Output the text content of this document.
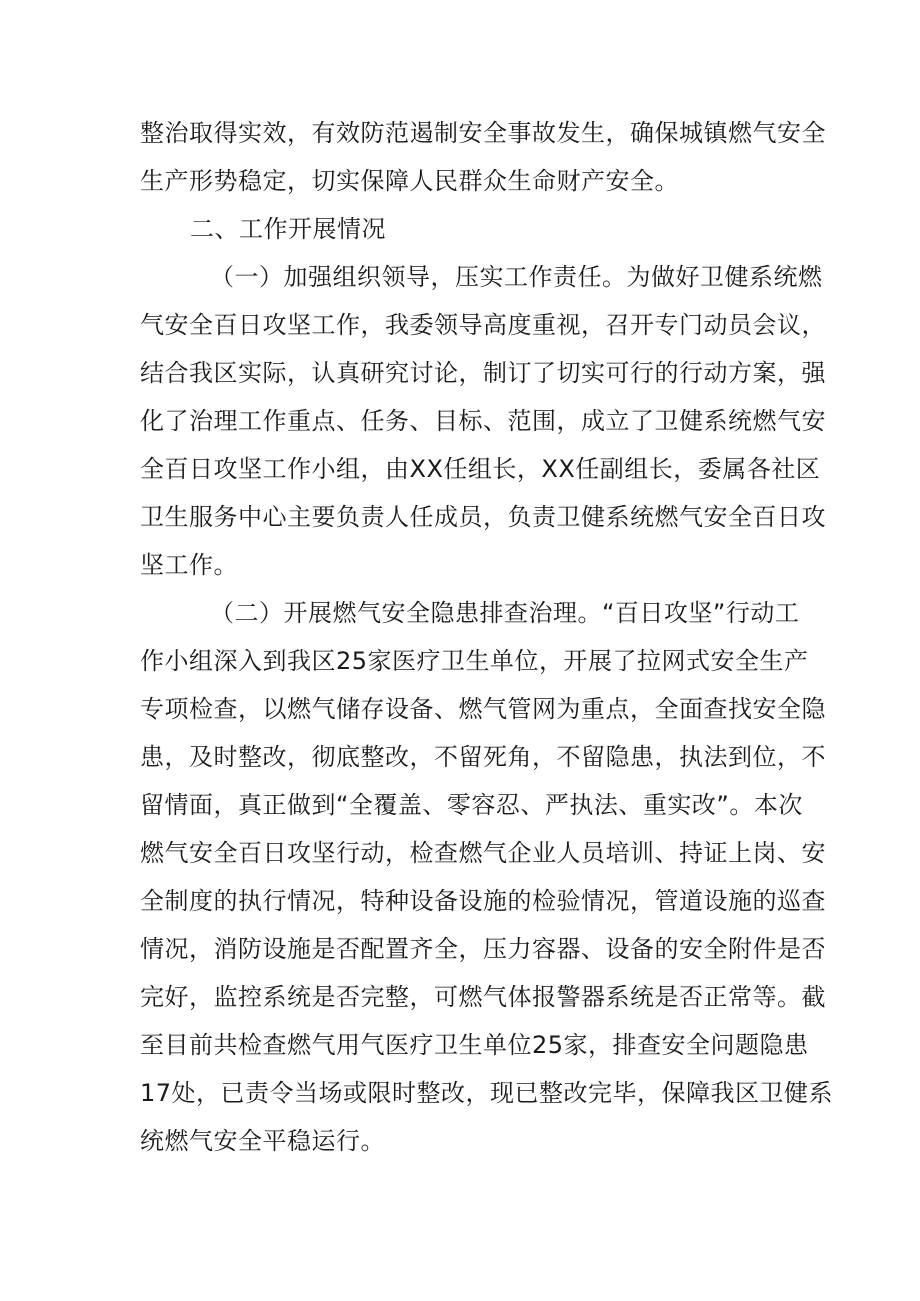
整治取得实效，有效防范遏制安全事故发生，确保城镇燃气安全
生产形势稳定，切实保障人民群众生命财产安全。
二、工作开展情况
（一）加强组织领导，压实工作责任。为做好卫健系统燃
气安全百日攻坚工作，我委领导高度重视，召开专门动员会议，
结合我区实际，认真研究讨论，制订了切实可行的行动方案，强
化了治理工作重点、任务、目标、范围，成立了卫健系统燃气安
全百日攻坚工作小组，由XX任组长，XX任副组长，委属各社区
卫生服务中心主要负责人任成员，负责卫健系统燃气安全百日攻
坚工作。
（二）开展燃气安全隐患排查治理。“百日攻坚”行动工
作小组深入到我区25家医疗卫生单位，开展了拉网式安全生产
专项检查，以燃气储存设备、燃气管网为重点，全面查找安全隐
患，及时整改，彻底整改，不留死角，不留隐患，执法到位，不
留情面，真正做到“全覆盖、零容忍、严执法、重实改”。本次
燃气安全百日攻坚行动，检查燃气企业人员培训、持证上岗、安
全制度的执行情况，特种设备设施的检验情况，管道设施的巡查
情况，消防设施是否配置齐全，压力容器、设备的安全附件是否
完好，监控系统是否完整，可燃气体报警器系统是否正常等。截
至目前共检查燃气用气医疗卫生单位25家，排查安全问题隐患
17处，已责令当场或限时整改，现已整改完毕，保障我区卫健系
统燃气安全平稳运行。
